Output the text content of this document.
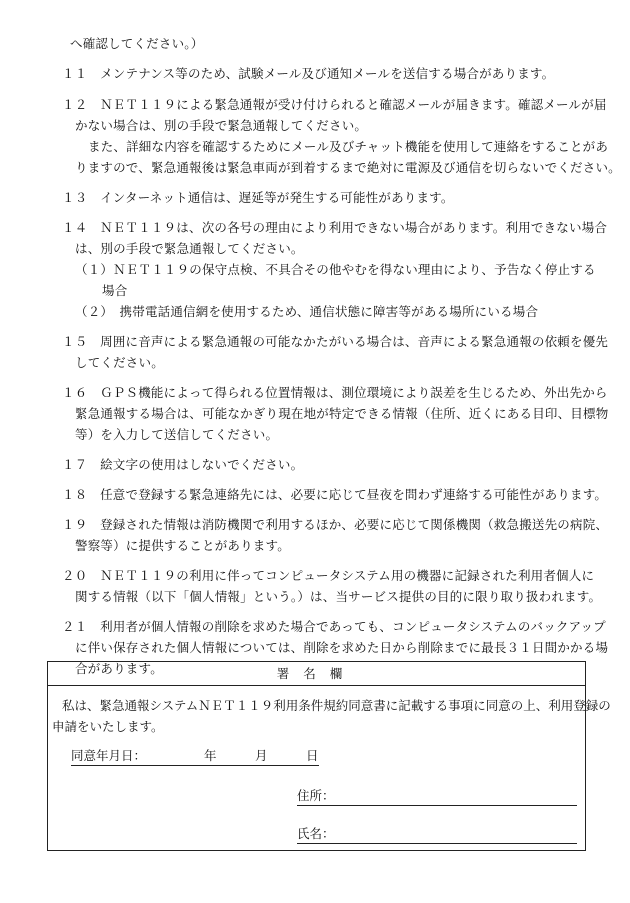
へ確認してください。）
１１　メンテナンス等のため、試験メール及び通知メールを送信する場合があります。
１２　ＮＥＴ１１９による緊急通報が受け付けられると確認メールが届きます。確認メールが届
かない場合は、別の手段で緊急通報してください。
また、詳細な内容を確認するためにメール及びチャット機能を使用して連絡をすることがあ
りますので、緊急通報後は緊急車両が到着するまで絶対に電源及び通信を切らないでください。
１３　インターネット通信は、遅延等が発生する可能性があります。
１４　ＮＥＴ１１９は、次の各号の理由により利用できない場合があります。利用できない場合
は、別の手段で緊急通報してください。
（１）ＮＥＴ１１９の保守点検、不具合その他やむを得ない理由により、予告なく停止する
場合
（２）　携帯電話通信網を使用するため、通信状態に障害等がある場所にいる場合
１５　周囲に音声による緊急通報の可能なかたがいる場合は、音声による緊急通報の依頼を優先
してください。
１６　ＧＰＳ機能によって得られる位置情報は、測位環境により誤差を生じるため、外出先から
緊急通報する場合は、可能なかぎり現在地が特定できる情報（住所、近くにある目印、目標物
等）を入力して送信してください。
１７　絵文字の使用はしないでください。
１８　任意で登録する緊急連絡先には、必要に応じて昼夜を問わず連絡する可能性があります。
１９　登録された情報は消防機関で利用するほか、必要に応じて関係機関（救急搬送先の病院、
警察等）に提供することがあります。
２０　ＮＥＴ１１９の利用に伴ってコンピュータシステム用の機器に記録された利用者個人に
関する情報（以下「個人情報」という。）は、当サービス提供の目的に限り取り扱われます。
２１　利用者が個人情報の削除を求めた場合であっても、コンピュータシステムのバックアップ
に伴い保存された個人情報については、削除を求めた日から削除までに最長３１日間かかる場
合があります。	署名欄
私は、緊急通報システムＮＥＴ１１９利用条件規約同意書に記載する事項に同意の上、利用登録の
申請をいたします。
同意年月日：	年	月	日
住所：
氏名：
